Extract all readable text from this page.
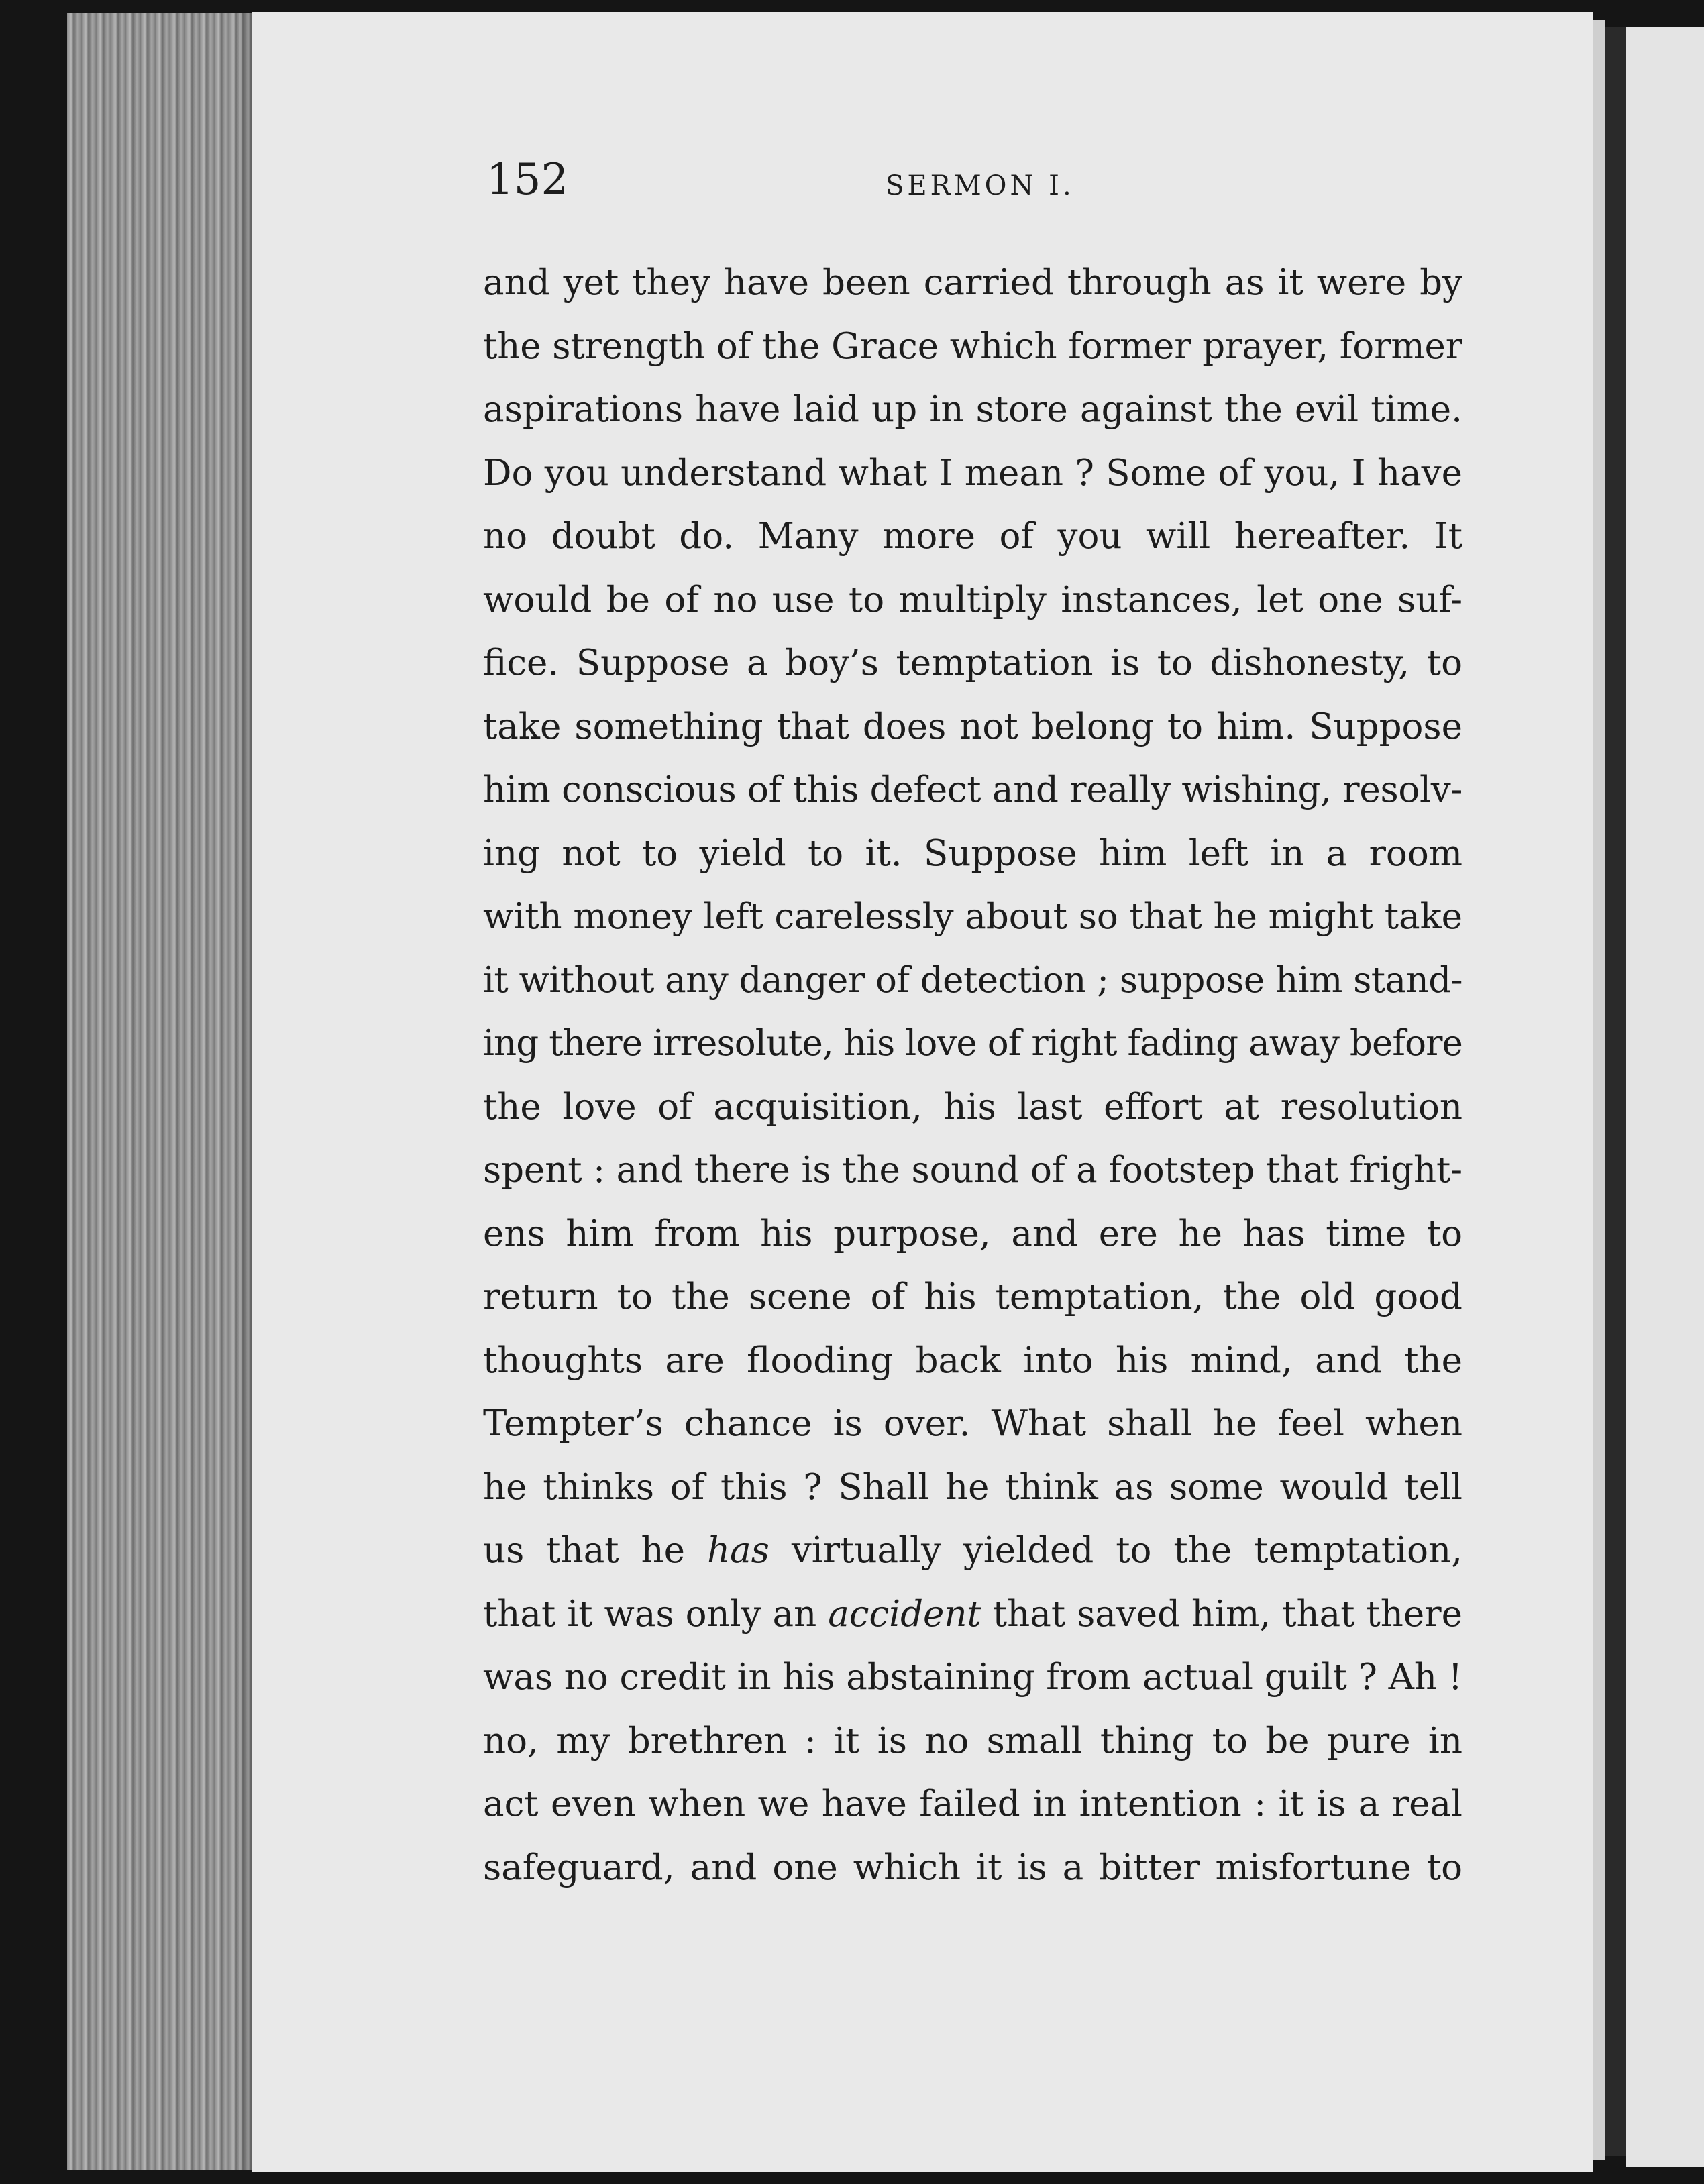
152	SERMON I.
and yet they have been carried through as it were by
the strength of the Grace which former prayer, former
aspirations have laid up in store against the evil time.
Do you understand what I mean ? Some of you, I have
no doubt do. Many more of you will hereafter. It
would be of no use to multiply instances, let one suf-
fice. Suppose a boy’s temptation is to dishonesty, to
take something that does not belong to him. Suppose
him conscious of this defect and really wishing, resolv-
ing not to yield to it. Suppose him left in a room
with money left carelessly about so that he might take
it without any danger of detection ; suppose him stand-
ing there irresolute, his love of right fading away before
the love of acquisition, his last effort at resolution
spent : and there is the sound of a footstep that fright-
ens him from his purpose, and ere he has time to
return to the scene of his temptation, the old good
thoughts are flooding back into his mind, and the
Tempter’s chance is over. What shall he feel when
he thinks of this ? Shall he think as some would tell
us that he has virtually yielded to the temptation,
that it was only an accident that saved him, that there
was no credit in his abstaining from actual guilt ? Ah !
no, my brethren : it is no small thing to be pure in
act even when we have failed in intention : it is a real
safeguard, and one which it is a bitter misfortune to
